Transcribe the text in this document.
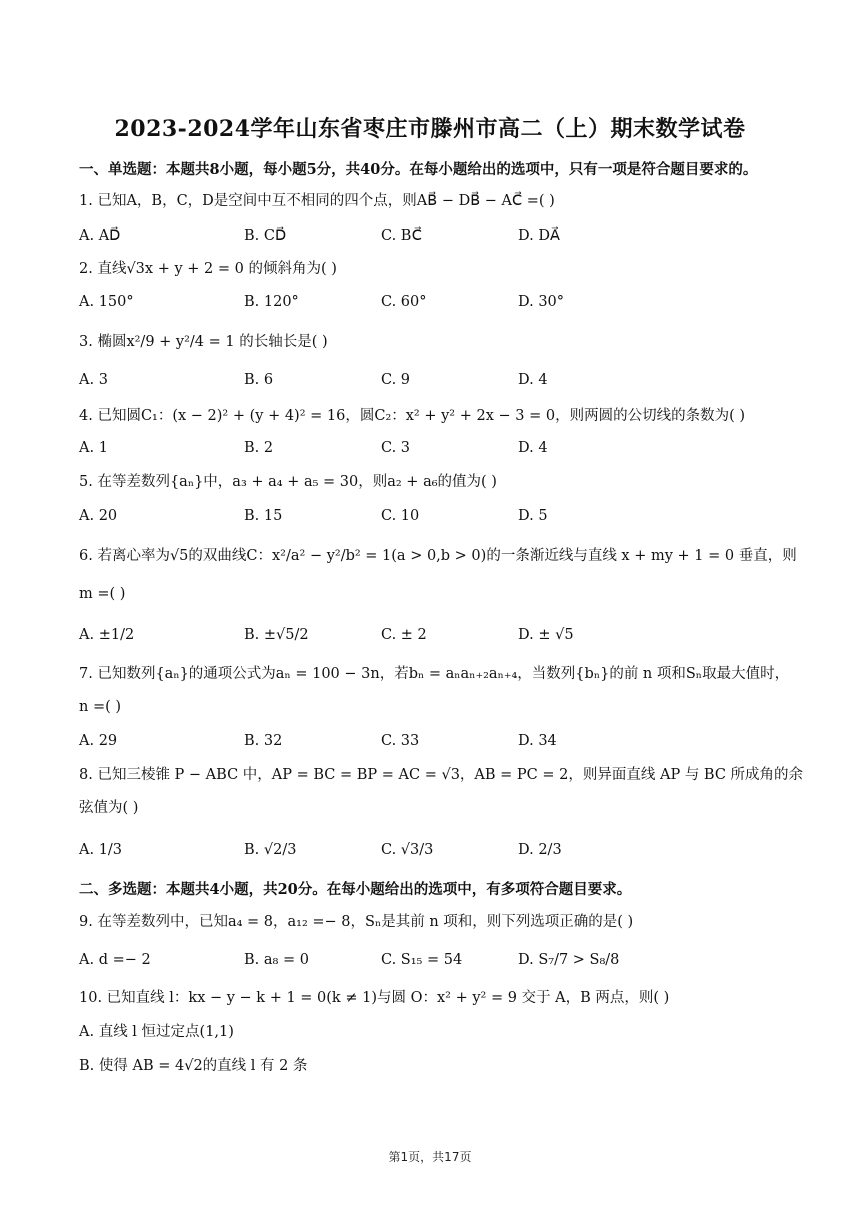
2023-2024学年山东省枣庄市滕州市高二（上）期末数学试卷
一、单选题：本题共8小题，每小题5分，共40分。在每小题给出的选项中，只有一项是符合题目要求的。
1. 已知A，B，C，D是空间中互不相同的四个点，则AB⃗ − DB⃗ − AC⃗ =( )
A. AD⃗	B. CD⃗	C. BC⃗	D. DA⃗
2. 直线√3x + y + 2 = 0 的倾斜角为( )
A. 150°	B. 120°	C. 60°	D. 30°
3. 椭圆x²/9 + y²/4 = 1 的长轴长是( )
A. 3	B. 6	C. 9	D. 4
4. 已知圆C₁：(x − 2)² + (y + 4)² = 16，圆C₂：x² + y² + 2x − 3 = 0，则两圆的公切线的条数为( )
A. 1	B. 2	C. 3	D. 4
5. 在等差数列{aₙ}中，a₃ + a₄ + a₅ = 30，则a₂ + a₆的值为( )
A. 20	B. 15	C. 10	D. 5
6. 若离心率为√5的双曲线C：x²/a² − y²/b² = 1(a > 0,b > 0)的一条渐近线与直线 x + my + 1 = 0 垂直，则
m =( )
A. ±1/2	B. ±√5/2	C. ± 2	D. ± √5
7. 已知数列{aₙ}的通项公式为aₙ = 100 − 3n，若bₙ = aₙaₙ₊₂aₙ₊₄，当数列{bₙ}的前 n 项和Sₙ取最大值时，
n =( )
A. 29	B. 32	C. 33	D. 34
8. 已知三棱锥 P − ABC 中，AP = BC = BP = AC = √3，AB = PC = 2，则异面直线 AP 与 BC 所成角的余
弦值为( )
A. 1/3	B. √2/3	C. √3/3	D. 2/3
二、多选题：本题共4小题，共20分。在每小题给出的选项中，有多项符合题目要求。
9. 在等差数列中，已知a₄ = 8，a₁₂ =− 8，Sₙ是其前 n 项和，则下列选项正确的是( )
A. d =− 2	B. a₈ = 0	C. S₁₅ = 54	D. S₇/7 > S₈/8
10. 已知直线 l：kx − y − k + 1 = 0(k ≠ 1)与圆 O：x² + y² = 9 交于 A，B 两点，则( )
A. 直线 l 恒过定点(1,1)
B. 使得 AB = 4√2的直线 l 有 2 条
第1页，共17页
